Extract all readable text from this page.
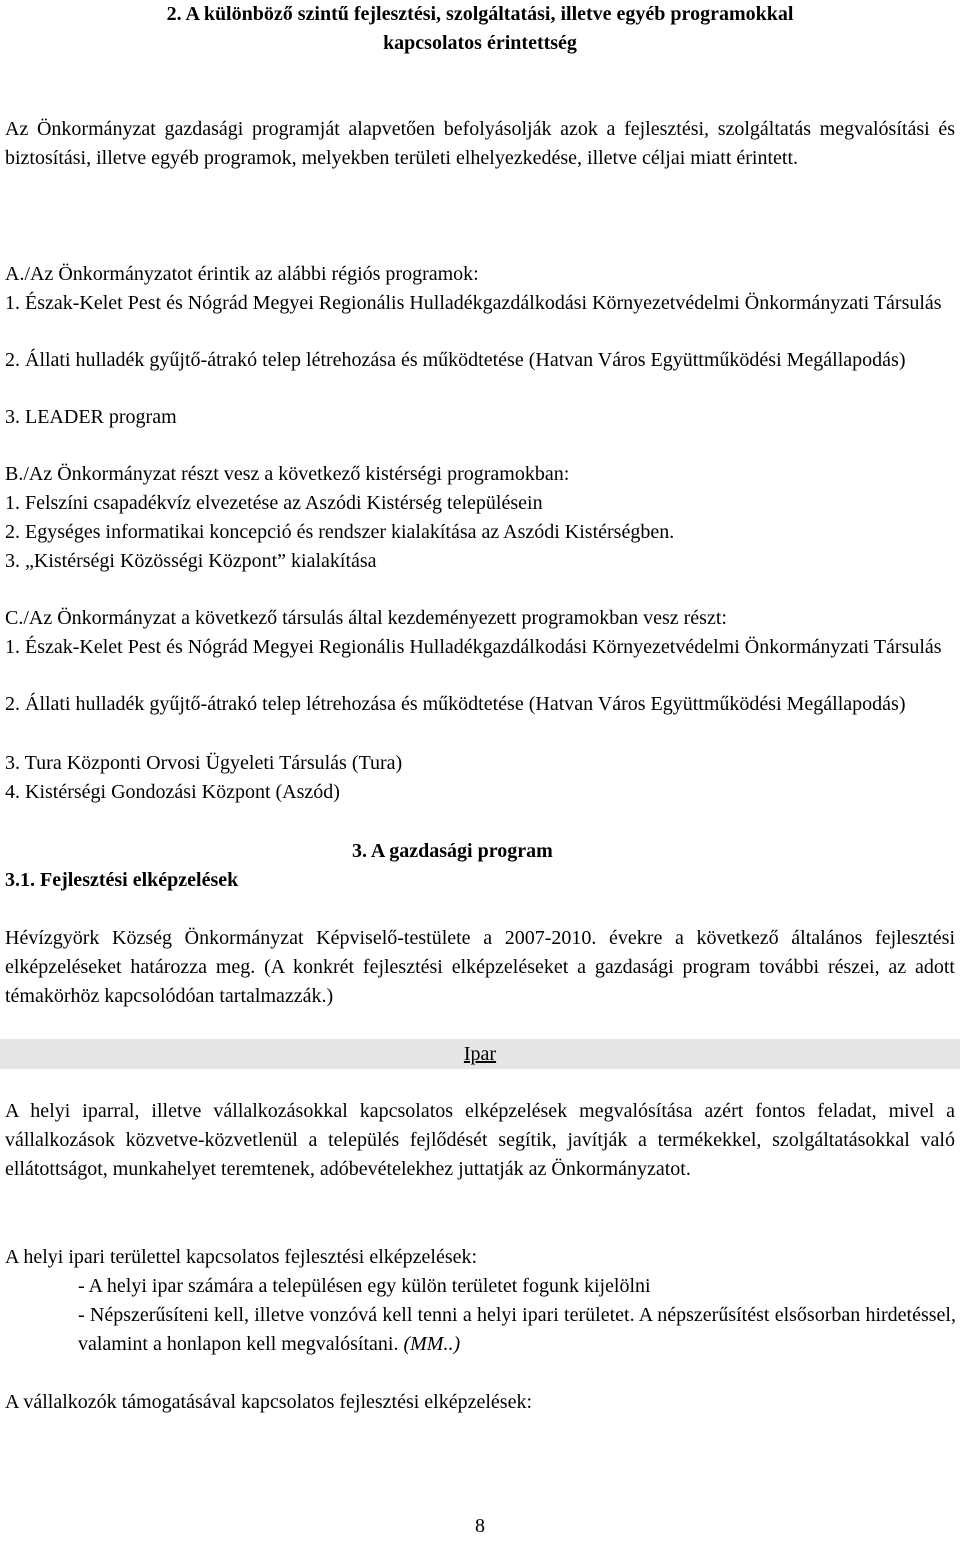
2. A különböző szintű fejlesztési, szolgáltatási, illetve egyéb programokkal
kapcsolatos érintettség
Az Önkormányzat gazdasági programját alapvetően befolyásolják azok a fejlesztési, szolgáltatás megvalósítási és biztosítási, illetve egyéb programok, melyekben területi elhelyezkedése, illetve céljai miatt érintett.
A./Az Önkormányzatot érintik az alábbi régiós programok:
1. Észak-Kelet Pest és Nógrád Megyei Regionális Hulladékgazdálkodási Környezetvédelmi Önkormányzati Társulás
2. Állati hulladék gyűjtő-átrakó telep létrehozása és működtetése (Hatvan Város Együttműködési Megállapodás)
3. LEADER program
B./Az Önkormányzat részt vesz a következő kistérségi programokban:
1. Felszíni csapadékvíz elvezetése az Aszódi Kistérség településein
2. Egységes informatikai koncepció és rendszer kialakítása az Aszódi Kistérségben.
3. „Kistérségi Közösségi Központ” kialakítása
C./Az Önkormányzat a következő társulás által kezdeményezett programokban vesz részt:
1. Észak-Kelet Pest és Nógrád Megyei Regionális Hulladékgazdálkodási Környezetvédelmi Önkormányzati Társulás
2. Állati hulladék gyűjtő-átrakó telep létrehozása és működtetése (Hatvan Város Együttműködési Megállapodás)
3. Tura Központi Orvosi Ügyeleti Társulás (Tura)
4. Kistérségi Gondozási Központ (Aszód)
3. A gazdasági program
3.1. Fejlesztési elképzelések
Hévízgyörk Község Önkormányzat Képviselő-testülete a 2007-2010. évekre a következő általános fejlesztési elképzeléseket határozza meg. (A konkrét fejlesztési elképzeléseket a gazdasági program további részei, az adott témakörhöz kapcsolódóan tartalmazzák.)
Ipar
A helyi iparral, illetve vállalkozásokkal kapcsolatos elképzelések megvalósítása azért fontos feladat, mivel a vállalkozások közvetve-közvetlenül a település fejlődését segítik, javítják a termékekkel, szolgáltatásokkal való ellátottságot, munkahelyet teremtenek, adóbevételekhez juttatják az Önkormányzatot.
A helyi ipari területtel kapcsolatos fejlesztési elképzelések:
- A helyi ipar számára a településen egy külön területet fogunk kijelölni
- Népszerűsíteni kell, illetve vonzóvá kell tenni a helyi ipari területet. A népszerűsítést elsősorban hirdetéssel, valamint a honlapon kell megvalósítani. (MM..)
A vállalkozók támogatásával kapcsolatos fejlesztési elképzelések:
8
